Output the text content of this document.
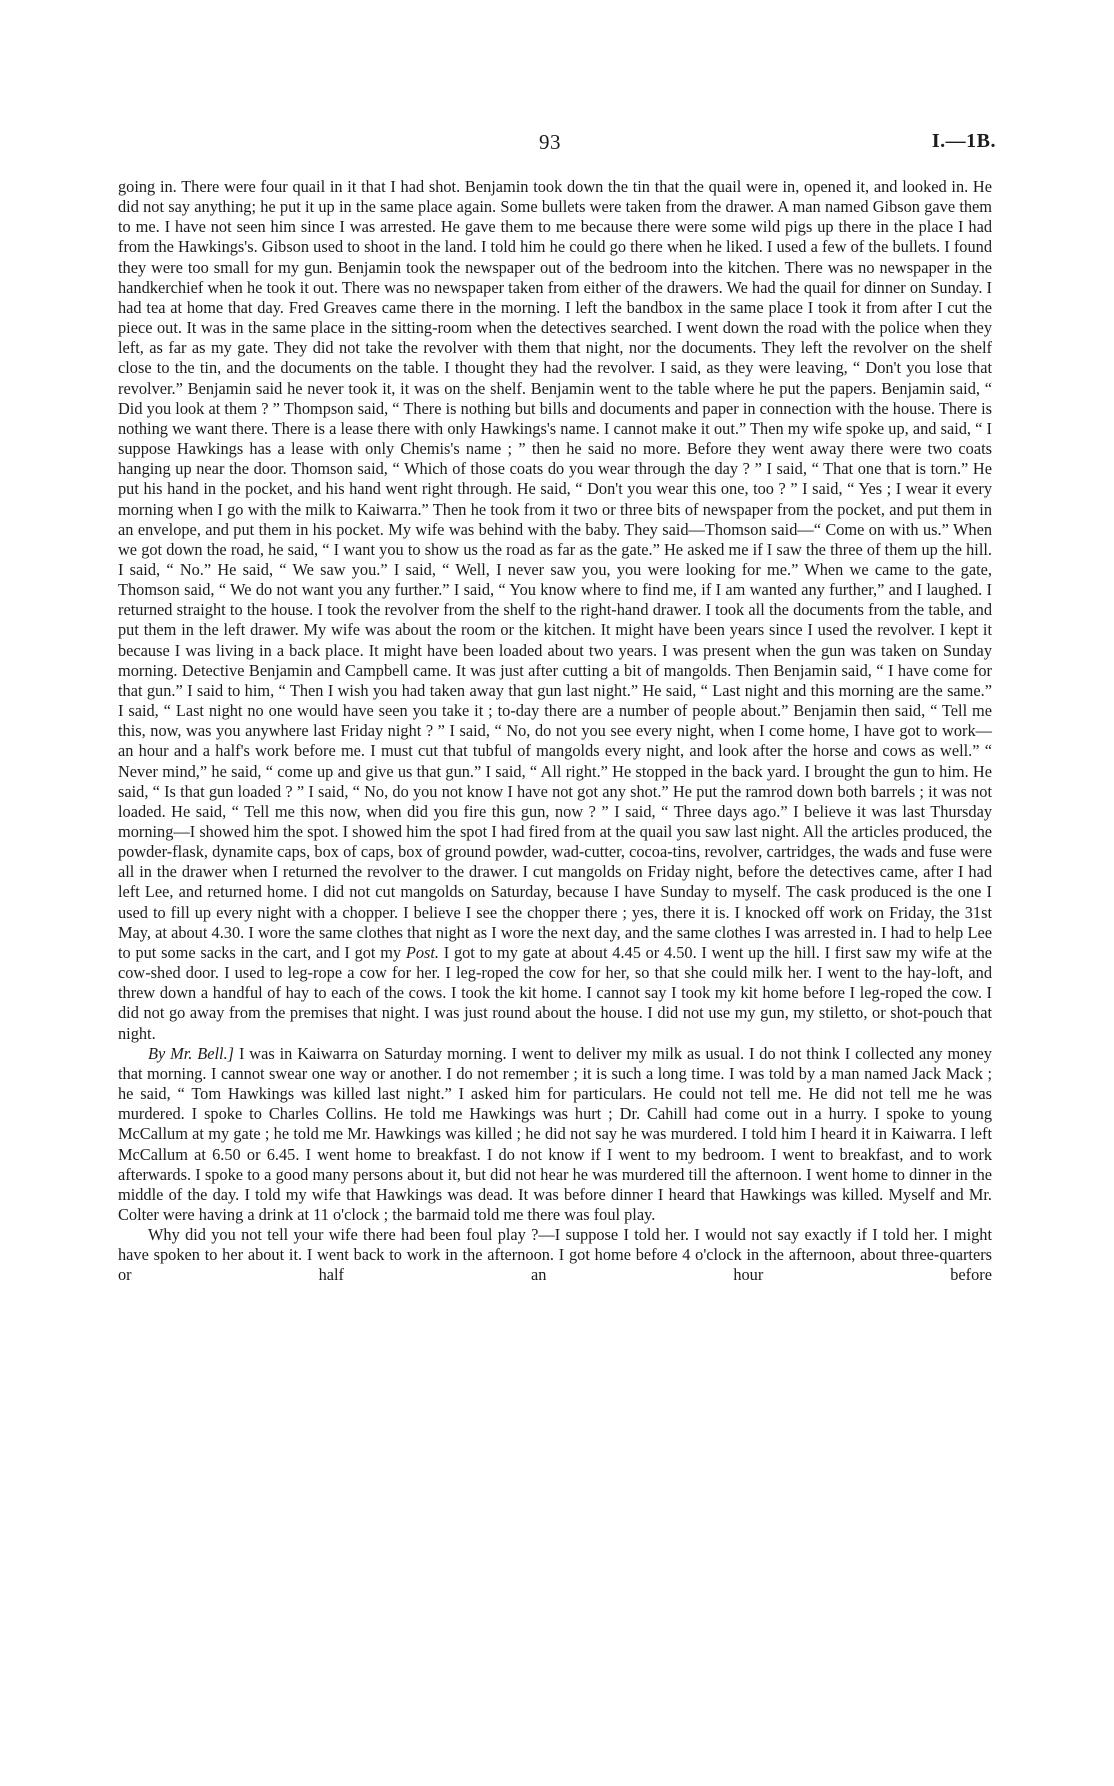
93	I.—1B.

going in. There were four quail in it that I had shot. Benjamin took down the tin that the quail were in, opened it, and looked in. He did not say anything; he put it up in the same place again. Some bullets were taken from the drawer. A man named Gibson gave them to me. I have not seen him since I was arrested. He gave them to me because there were some wild pigs up there in the place I had from the Hawkings's. Gibson used to shoot in the land. I told him he could go there when he liked. I used a few of the bullets. I found they were too small for my gun. Benjamin took the newspaper out of the bedroom into the kitchen. There was no newspaper in the handkerchief when he took it out. There was no newspaper taken from either of the drawers. We had the quail for dinner on Sunday. I had tea at home that day. Fred Greaves came there in the morning. I left the bandbox in the same place I took it from after I cut the piece out. It was in the same place in the sitting-room when the detectives searched. I went down the road with the police when they left, as far as my gate. They did not take the revolver with them that night, nor the documents. They left the revolver on the shelf close to the tin, and the documents on the table. I thought they had the revolver. I said, as they were leaving, “ Don't you lose that revolver.” Benjamin said he never took it, it was on the shelf. Benjamin went to the table where he put the papers. Benjamin said, “ Did you look at them ? ” Thompson said, “ There is nothing but bills and documents and paper in connection with the house. There is nothing we want there. There is a lease there with only Hawkings's name. I cannot make it out.” Then my wife spoke up, and said, “ I suppose Hawkings has a lease with only Chemis's name ; ” then he said no more. Before they went away there were two coats hanging up near the door. Thomson said, “ Which of those coats do you wear through the day ? ” I said, “ That one that is torn.” He put his hand in the pocket, and his hand went right through. He said, “ Don't you wear this one, too ? ” I said, “ Yes ; I wear it every morning when I go with the milk to Kaiwarra.” Then he took from it two or three bits of newspaper from the pocket, and put them in an envelope, and put them in his pocket. My wife was behind with the baby. They said—Thomson said—“ Come on with us.” When we got down the road, he said, “ I want you to show us the road as far as the gate.” He asked me if I saw the three of them up the hill. I said, “ No.” He said, “ We saw you.” I said, “ Well, I never saw you, you were looking for me.” When we came to the gate, Thomson said, “ We do not want you any further.” I said, “ You know where to find me, if I am wanted any further,” and I laughed. I returned straight to the house. I took the revolver from the shelf to the right-hand drawer. I took all the documents from the table, and put them in the left drawer. My wife was about the room or the kitchen. It might have been years since I used the revolver. I kept it because I was living in a back place. It might have been loaded about two years. I was present when the gun was taken on Sunday morning. Detective Benjamin and Campbell came. It was just after cutting a bit of mangolds. Then Benjamin said, “ I have come for that gun.” I said to him, “ Then I wish you had taken away that gun last night.” He said, “ Last night and this morning are the same.” I said, “ Last night no one would have seen you take it ; to-day there are a number of people about.” Benjamin then said, “ Tell me this, now, was you anywhere last Friday night ? ” I said, “ No, do not you see every night, when I come home, I have got to work—an hour and a half's work before me. I must cut that tubful of mangolds every night, and look after the horse and cows as well.” “ Never mind,” he said, “ come up and give us that gun.” I said, “ All right.” He stopped in the back yard. I brought the gun to him. He said, “ Is that gun loaded ? ” I said, “ No, do you not know I have not got any shot.” He put the ramrod down both barrels ; it was not loaded. He said, “ Tell me this now, when did you fire this gun, now ? ” I said, “ Three days ago.” I believe it was last Thursday morning—I showed him the spot. I showed him the spot I had fired from at the quail you saw last night. All the articles produced, the powder-flask, dynamite caps, box of caps, box of ground powder, wad-cutter, cocoa-tins, revolver, cartridges, the wads and fuse were all in the drawer when I returned the revolver to the drawer. I cut mangolds on Friday night, before the detectives came, after I had left Lee, and returned home. I did not cut mangolds on Saturday, because I have Sunday to myself. The cask produced is the one I used to fill up every night with a chopper. I believe I see the chopper there ; yes, there it is. I knocked off work on Friday, the 31st May, at about 4.30. I wore the same clothes that night as I wore the next day, and the same clothes I was arrested in. I had to help Lee to put some sacks in the cart, and I got my Post. I got to my gate at about 4.45 or 4.50. I went up the hill. I first saw my wife at the cow-shed door. I used to leg-rope a cow for her. I leg-roped the cow for her, so that she could milk her. I went to the hay-loft, and threw down a handful of hay to each of the cows. I took the kit home. I cannot say I took my kit home before I leg-roped the cow. I did not go away from the premises that night. I was just round about the house. I did not use my gun, my stiletto, or shot-pouch that night.

By Mr. Bell.] I was in Kaiwarra on Saturday morning. I went to deliver my milk as usual. I do not think I collected any money that morning. I cannot swear one way or another. I do not remember ; it is such a long time. I was told by a man named Jack Mack ; he said, “ Tom Hawkings was killed last night.” I asked him for particulars. He could not tell me. He did not tell me he was murdered. I spoke to Charles Collins. He told me Hawkings was hurt ; Dr. Cahill had come out in a hurry. I spoke to young McCallum at my gate ; he told me Mr. Hawkings was killed ; he did not say he was murdered. I told him I heard it in Kaiwarra. I left McCallum at 6.50 or 6.45. I went home to breakfast. I do not know if I went to my bedroom. I went to breakfast, and to work afterwards. I spoke to a good many persons about it, but did not hear he was murdered till the afternoon. I went home to dinner in the middle of the day. I told my wife that Hawkings was dead. It was before dinner I heard that Hawkings was killed. Myself and Mr. Colter were having a drink at 11 o'clock ; the barmaid told me there was foul play.

Why did you not tell your wife there had been foul play ?—I suppose I told her. I would not say exactly if I told her. I might have spoken to her about it. I went back to work in the afternoon. I got home before 4 o'clock in the afternoon, about three-quarters or half an hour before
